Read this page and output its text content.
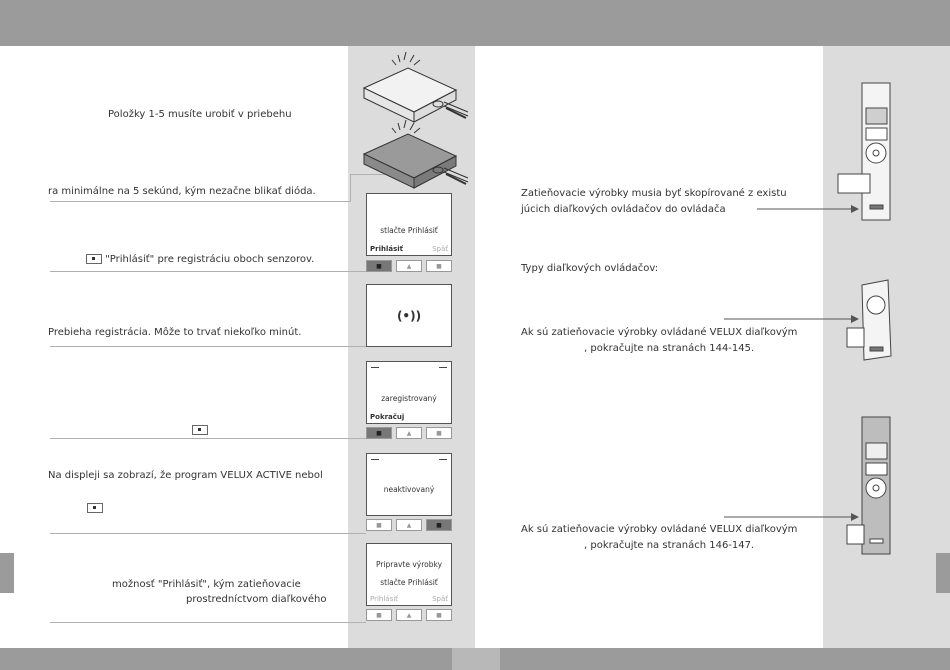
Položky 1-5 musíte urobiť v priebehu
ra minimálne na 5 sekúnd, kým nezačne blikať dióda.
"Prihlásiť" pre registráciu oboch senzorov.
Prebieha registrácia. Môže to trvať niekoľko minút.
Na displeji sa zobrazí, že program VELUX ACTIVE nebol
možnosť "Prihlásiť", kým zatieňovacie
prostredníctvom diaľkového
stlačte Prihlásiť
Prihlásiť	Späť
■	▲	■
(•))
zaregistrovaný
Pokračuj
■	▲	■
neaktivovaný
■	▲	■
Pripravte výrobky
stlačte Prihlásiť
Prihlásiť	Späť
■	▲	■
Zatieňovacie výrobky musia byť skopírované z existu
júcich diaľkových ovládačov do ovládača
Typy diaľkových ovládačov:
Ak sú zatieňovacie výrobky ovládané VELUX diaľkovým
, pokračujte na stranách 144-145.
Ak sú zatieňovacie výrobky ovládané VELUX diaľkovým
, pokračujte na stranách 146-147.
